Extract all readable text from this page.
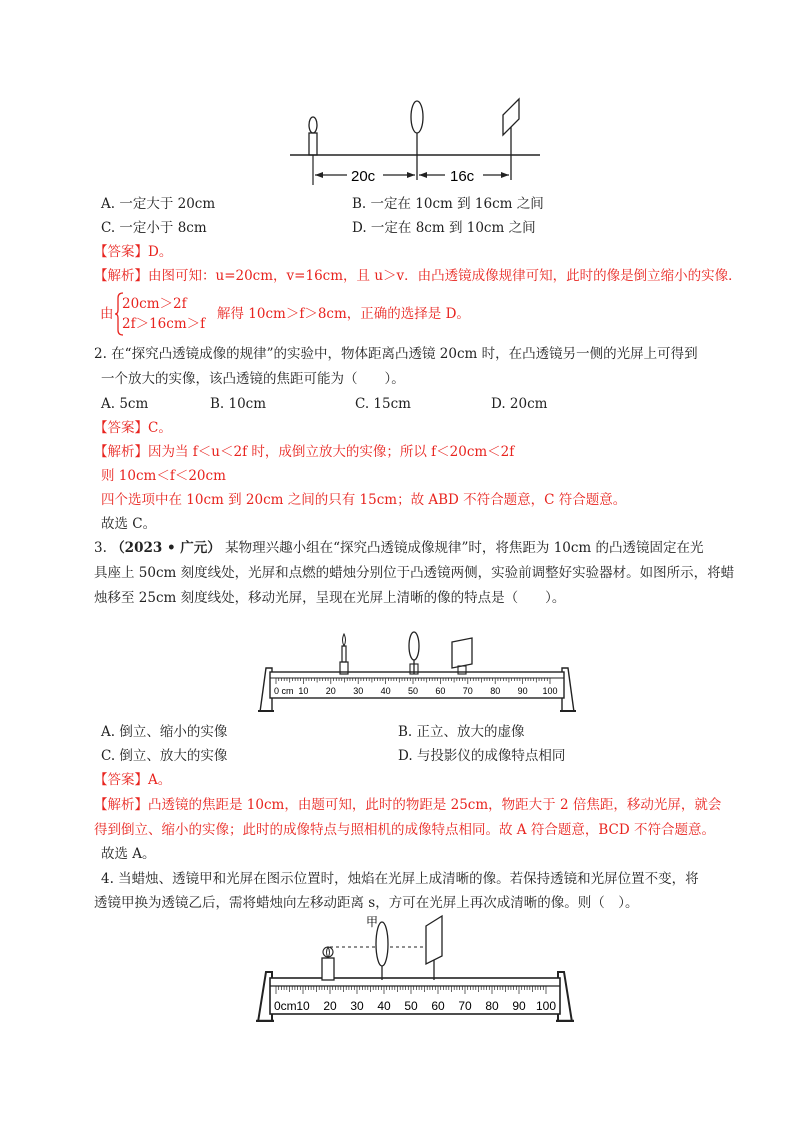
20c	16c
A. 一定大于 20cm	B. 一定在 10cm 到 16cm 之间
C. 一定小于 8cm	D. 一定在 8cm 到 10cm 之间
【答案】D。
【解析】由图可知：u=20cm，v=16cm，且 u＞v．由凸透镜成像规律可知，此时的像是倒立缩小的实像．
由
20cm＞2f
2f＞16cm＞f
解得 10cm＞f＞8cm，正确的选择是 D。
2. 在“探究凸透镜成像的规律”的实验中，物体距离凸透镜 20cm 时，在凸透镜另一侧的光屏上可得到
一个放大的实像，该凸透镜的焦距可能为（　　）。
A. 5cm	B. 10cm	C. 15cm	D. 20cm
【答案】C。
【解析】因为当 f＜u＜2f 时，成倒立放大的实像；所以 f＜20cm＜2f
则 10cm＜f＜20cm
四个选项中在 10cm 到 20cm 之间的只有 15cm；故 ABD 不符合题意，C 符合题意。
故选 C。
3. （2023 • 广元） 某物理兴趣小组在“探究凸透镜成像规律”时，将焦距为 10cm 的凸透镜固定在光
具座上 50cm 刻度线处，光屏和点燃的蜡烛分别位于凸透镜两侧，实验前调整好实验器材。如图所示，将蜡
烛移至 25cm 刻度线处，移动光屏，呈现在光屏上清晰的像的特点是（　　）。
0 cm 10 20 30 40 50 60 70 80 90 100
A. 倒立、缩小的实像	B. 正立、放大的虚像
C. 倒立、放大的实像	D. 与投影仪的成像特点相同
【答案】A。
【解析】凸透镜的焦距是 10cm，由题可知，此时的物距是 25cm，物距大于 2 倍焦距，移动光屏，就会
得到倒立、缩小的实像；此时的成像特点与照相机的成像特点相同。故 A 符合题意，BCD 不符合题意。
故选 A。
4. 当蜡烛、透镜甲和光屏在图示位置时，烛焰在光屏上成清晰的像。若保持透镜和光屏位置不变，将
透镜甲换为透镜乙后，需将蜡烛向左移动距离 s，方可在光屏上再次成清晰的像。则（　）。
0cm 10 20 30 40 50 60 70 80 90 100
甲
